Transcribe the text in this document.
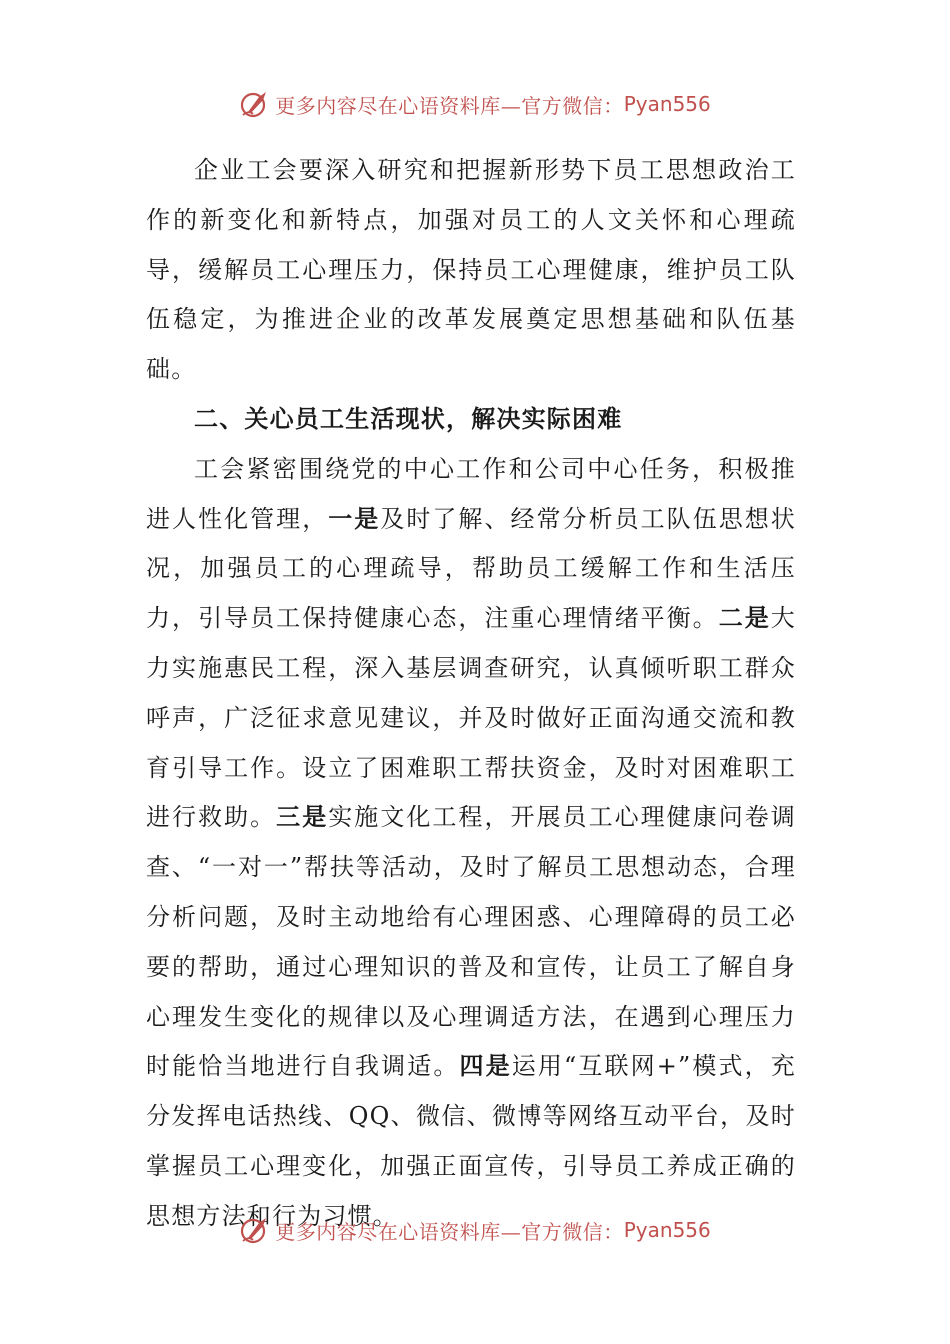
更多内容尽在心语资料库—官方微信： Pyan556

企业工会要深入研究和把握新形势下员工思想政治工作的新变化和新特点，加强对员工的人文关怀和心理疏导，缓解员工心理压力，保持员工心理健康，维护员工队伍稳定，为推进企业的改革发展奠定思想基础和队伍基础。

二、关心员工生活现状，解决实际困难

工会紧密围绕党的中心工作和公司中心任务，积极推进人性化管理，一是及时了解、经常分析员工队伍思想状况，加强员工的心理疏导，帮助员工缓解工作和生活压力，引导员工保持健康心态，注重心理情绪平衡。二是大力实施惠民工程，深入基层调查研究，认真倾听职工群众呼声，广泛征求意见建议，并及时做好正面沟通交流和教育引导工作。设立了困难职工帮扶资金，及时对困难职工进行救助。三是实施文化工程，开展员工心理健康问卷调查、“一对一”帮扶等活动，及时了解员工思想动态，合理分析问题，及时主动地给有心理困惑、心理障碍的员工必要的帮助，通过心理知识的普及和宣传，让员工了解自身心理发生变化的规律以及心理调适方法，在遇到心理压力时能恰当地进行自我调适。四是运用“互联网+”模式，充分发挥电话热线、QQ、微信、微博等网络互动平台，及时掌握员工心理变化，加强正面宣传，引导员工养成正确的思想方法和行为习惯。

更多内容尽在心语资料库—官方微信： Pyan556
